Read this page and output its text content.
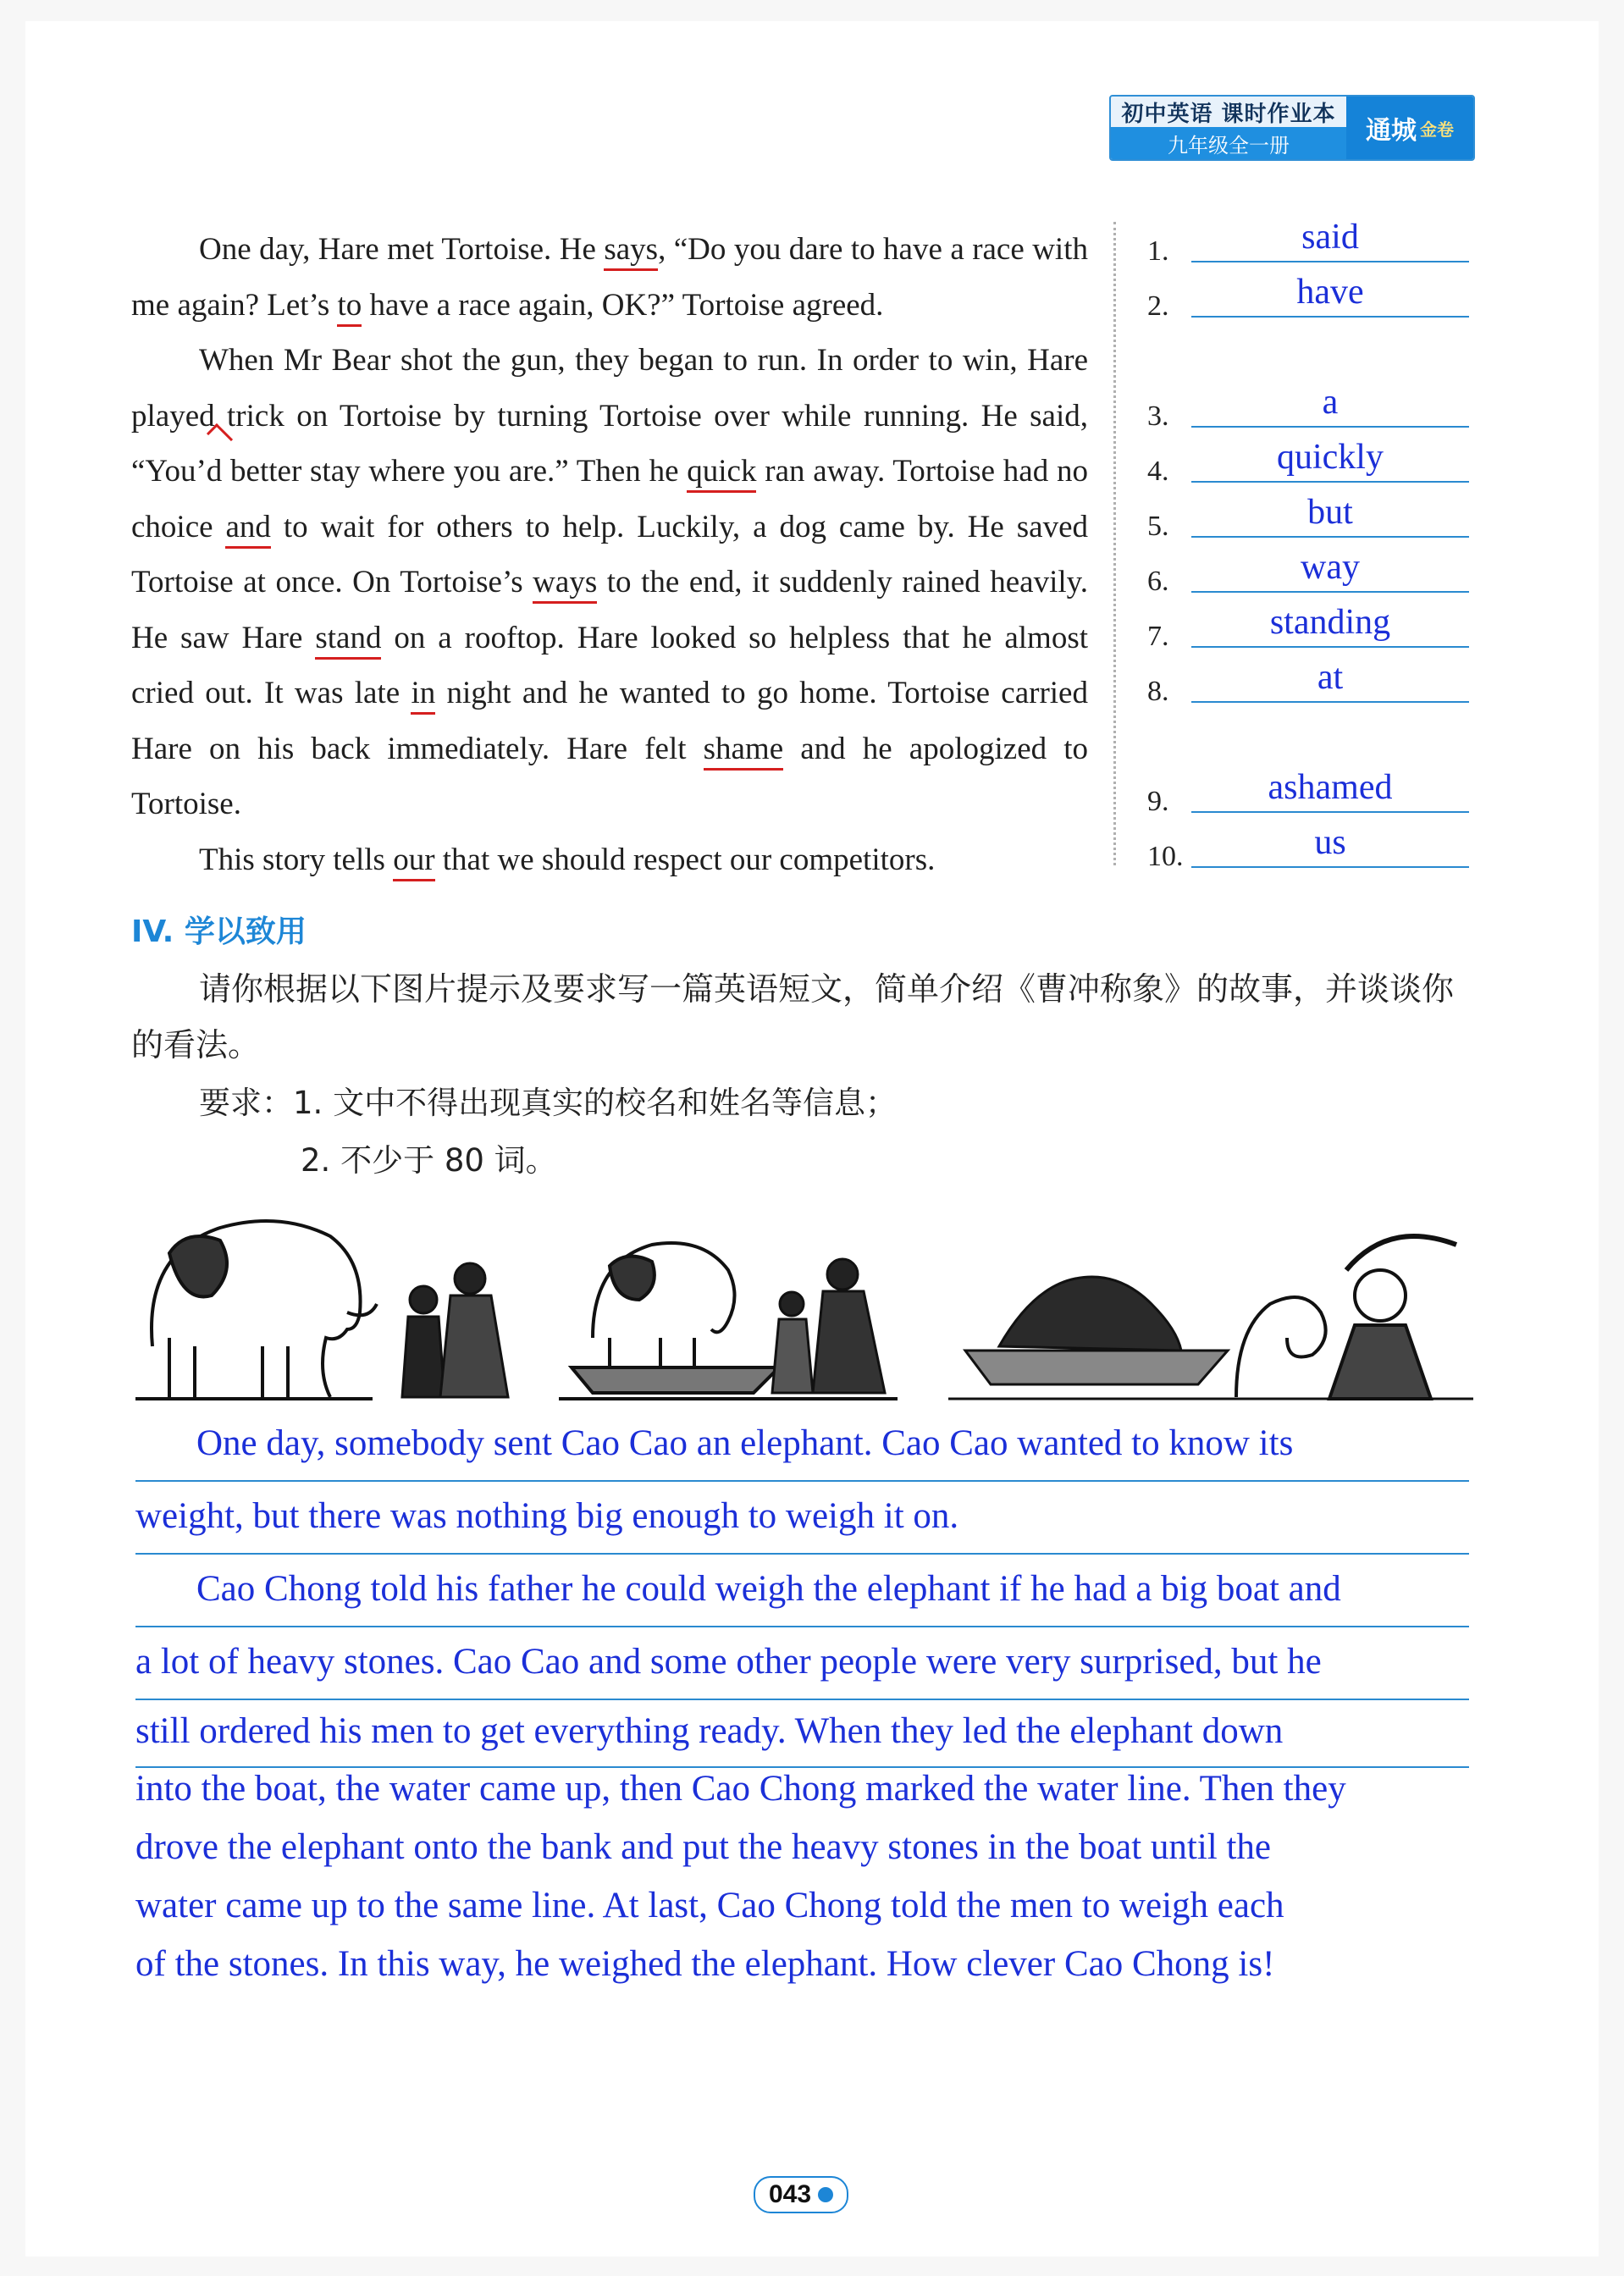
初中英语 课时作业本
九年级全一册	通城 金卷

One day, Hare met Tortoise. He says, “Do you dare to have a race with me again? Let’s to have a race again, OK?” Tortoise agreed.

When Mr Bear shot the gun, they began to run. In order to win, Hare played trick on Tortoise by turning Tortoise over while running. He said, “You’d better stay where you are.” Then he quick ran away. Tortoise had no choice and to wait for others to help. Luckily, a dog came by. He saved Tortoise at once. On Tortoise’s ways to the end, it suddenly rained heavily. He saw Hare stand on a rooftop. Hare looked so helpless that he almost cried out. It was late in night and he wanted to go home. Tortoise carried Hare on his back immediately. Hare felt shame and he apologized to Tortoise.

This story tells our that we should respect our competitors.

1.	said
2.	have
3.	a
4.	quickly
5.	but
6.	way
7.	standing
8.	at
9.	ashamed
10.	us
IV. 学以致用

请你根据以下图片提示及要求写一篇英语短文，简单介绍《曹冲称象》的故事，并谈谈你的看法。

要求：1. 文中不得出现真实的校名和姓名等信息；
2. 不少于 80 词。
One day, somebody sent Cao Cao an elephant. Cao Cao wanted to know its
weight, but there was nothing big enough to weigh it on.
Cao Chong told his father he could weigh the elephant if he had a big boat and
a lot of heavy stones. Cao Cao and some other people were very surprised, but he
still ordered his men to get everything ready. When they led the elephant down
into the boat, the water came up, then Cao Chong marked the water line. Then they
drove the elephant onto the bank and put the heavy stones in the boat until the
water came up to the same line. At last, Cao Chong told the men to weigh each
of the stones. In this way, he weighed the elephant. How clever Cao Chong is!
043
